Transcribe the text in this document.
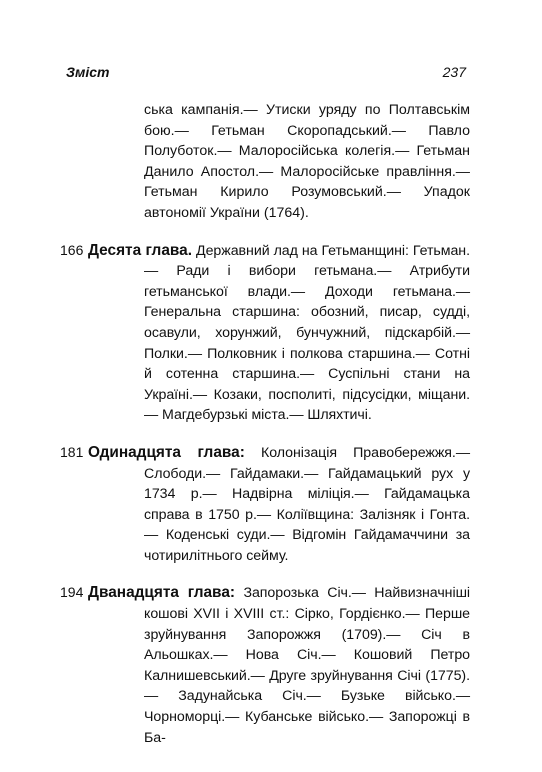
Зміст	237
ська кампанія.— Утиски уряду по Полтавськім бою.— Гетьман Скоропадський.— Павло Полуботок.— Малоросійська колегія.— Гетьман Данило Апостол.— Малоросійське правління.— Гетьман Кирило Розумовський.— Упадок автономії України (1764).
166 Десята глава. Державний лад на Гетьманщині: Гетьман.— Ради і вибори гетьмана.— Атрибути гетьманської влади.— Доходи гетьмана.— Генеральна старшина: обозний, писар, судді, осавули, хорунжий, бунчужний, підскарбій.— Полки.— Полковник і полкова старшина.— Сотні й сотенна старшина.— Суспільні стани на Україні.— Козаки, посполиті, підсусідки, міщани.— Магдебурзькі міста.— Шляхтичі.
181 Одинадцята глава: Колонізація Правобережжя.— Слободи.— Гайдамаки.— Гайдамацький рух у 1734 р.— Надвірна міліція.— Гайдамацька справа в 1750 р.— Коліївщина: Залізняк і Гонта.— Коденські суди.— Відгомін Гайдамаччини за чотирилітнього сейму.
194 Дванадцята глава: Запорозька Січ.— Найвизначніші кошові XVII і XVIII ст.: Сірко, Гордієнко.— Перше зруйнування Запорожжя (1709).— Січ в Альошках.— Нова Січ.— Кошовий Петро Калнишевський.— Друге зруйнування Січі (1775).— Задунайська Січ.— Бузьке військо.— Чорноморці.— Кубанське військо.— Запорожці в Ба-
